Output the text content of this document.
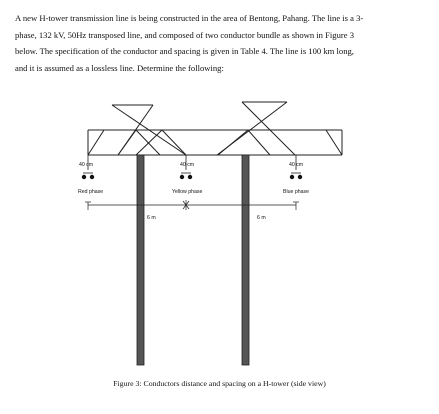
A new H-tower transmission line is being constructed in the area of Bentong, Pahang. The line is a 3-
phase, 132 kV, 50Hz transposed line, and composed of two conductor bundle as shown in Figure 3
below. The specification of the conductor and spacing is given in Table 4. The line is 100 km long,
and it is assumed as a lossless line. Determine the following:
40 cm	40 cm	40 cm
Red phase	Yellow phase	Blue phase
6 m	6 m
Figure 3: Conductors distance and spacing on a H-tower (side view)
